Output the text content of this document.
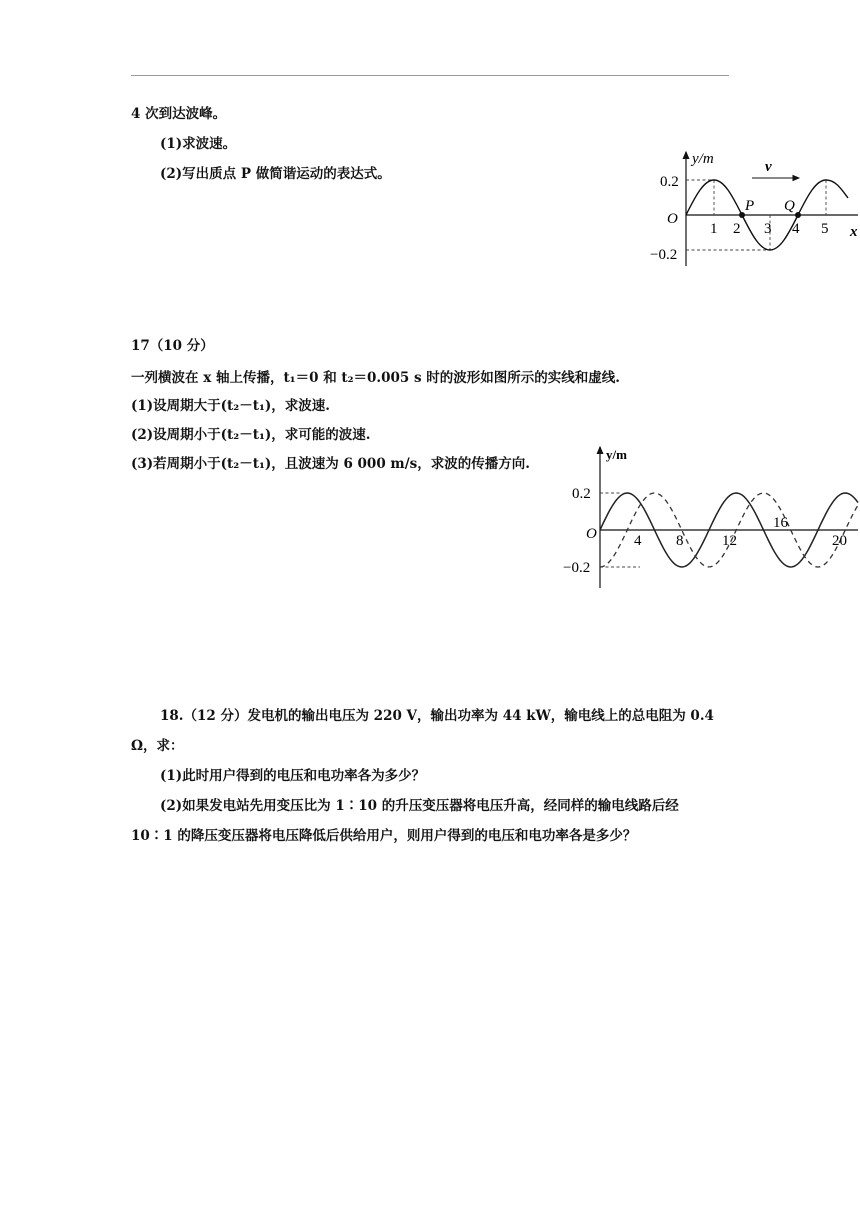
4 次到达波峰。
(1)求波速。
(2)写出质点 P 做简谐运动的表达式。	v
P Q
y/m
O
0.2
−0.2
x
1 2 3 4 5
17（10 分）
一列横波在 x 轴上传播，t₁＝0 和 t₂＝0.005 s 时的波形如图所示的实线和虚线.
(1)设周期大于(t₂－t₁)，求波速.
(2)设周期小于(t₂－t₁)，求可能的波速.
(3)若周期小于(t₂－t₁)，且波速为 6 000 m/s，求波的传播方向.
y/m
O
0.2
−0.2
4 8	12
16
20
18.（12 分）发电机的输出电压为 220 V，输出功率为 44 kW，输电线上的总电阻为 0.4
Ω，求：
(1)此时用户得到的电压和电功率各为多少？
(2)如果发电站先用变压比为 1∶10 的升压变压器将电压升高，经同样的输电线路后经
10∶1 的降压变压器将电压降低后供给用户，则用户得到的电压和电功率各是多少？
